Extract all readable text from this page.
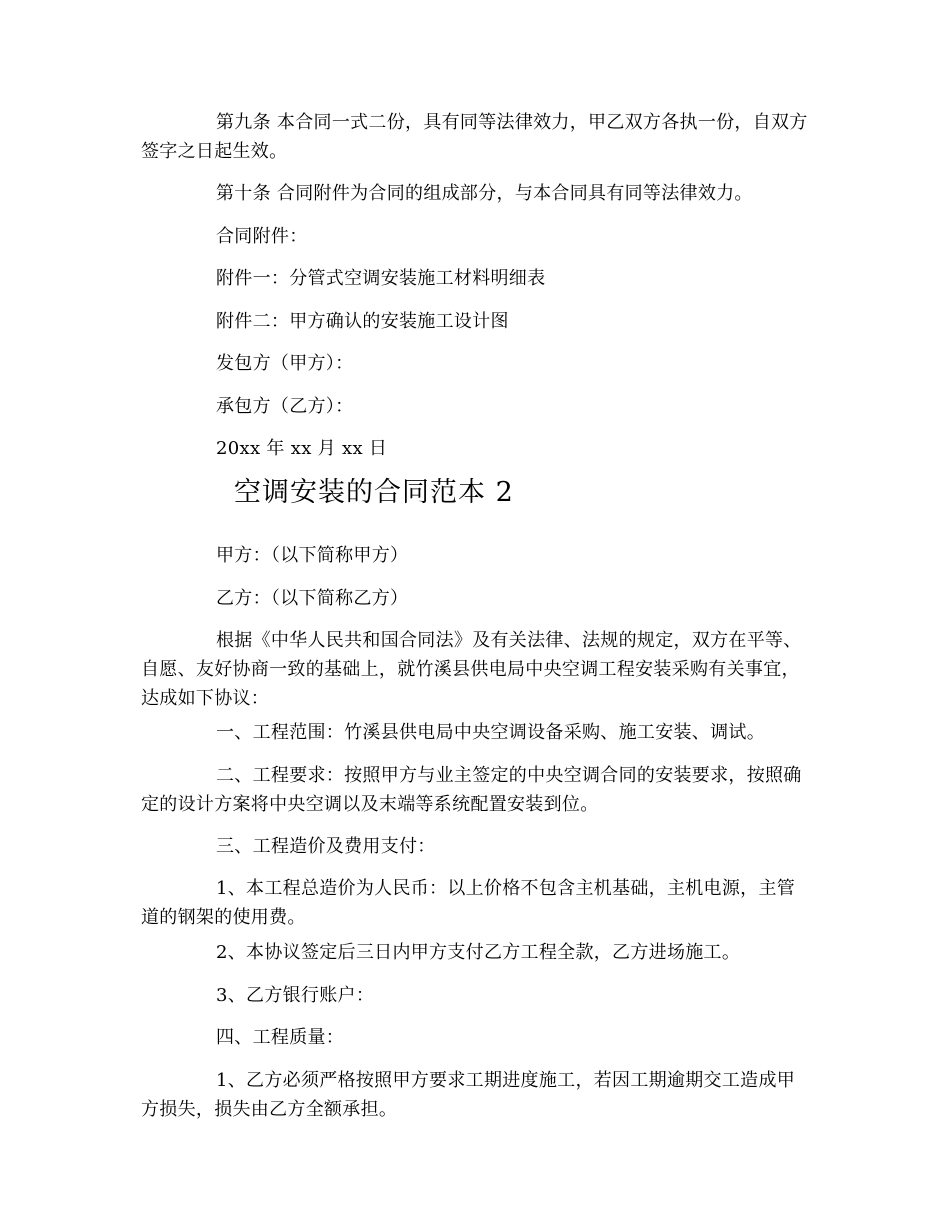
第九条 本合同一式二份，具有同等法律效力，甲乙双方各执一份，自双方签字之日起生效。

第十条 合同附件为合同的组成部分，与本合同具有同等法律效力。

合同附件：

附件一：分管式空调安装施工材料明细表

附件二：甲方确认的安装施工设计图

发包方（甲方）：

承包方（乙方）：

20xx 年 xx 月 xx 日

空调安装的合同范本 2

甲方：（以下简称甲方）

乙方：（以下简称乙方）

根据《中华人民共和国合同法》及有关法律、法规的规定，双方在平等、自愿、友好协商一致的基础上，就竹溪县供电局中央空调工程安装采购有关事宜，达成如下协议：

一、工程范围：竹溪县供电局中央空调设备采购、施工安装、调试。

二、工程要求：按照甲方与业主签定的中央空调合同的安装要求，按照确定的设计方案将中央空调以及末端等系统配置安装到位。

三、工程造价及费用支付：

1、本工程总造价为人民币：以上价格不包含主机基础，主机电源，主管道的钢架的使用费。

2、本协议签定后三日内甲方支付乙方工程全款，乙方进场施工。

3、乙方银行账户：

四、工程质量：

1、乙方必须严格按照甲方要求工期进度施工，若因工期逾期交工造成甲方损失，损失由乙方全额承担。
